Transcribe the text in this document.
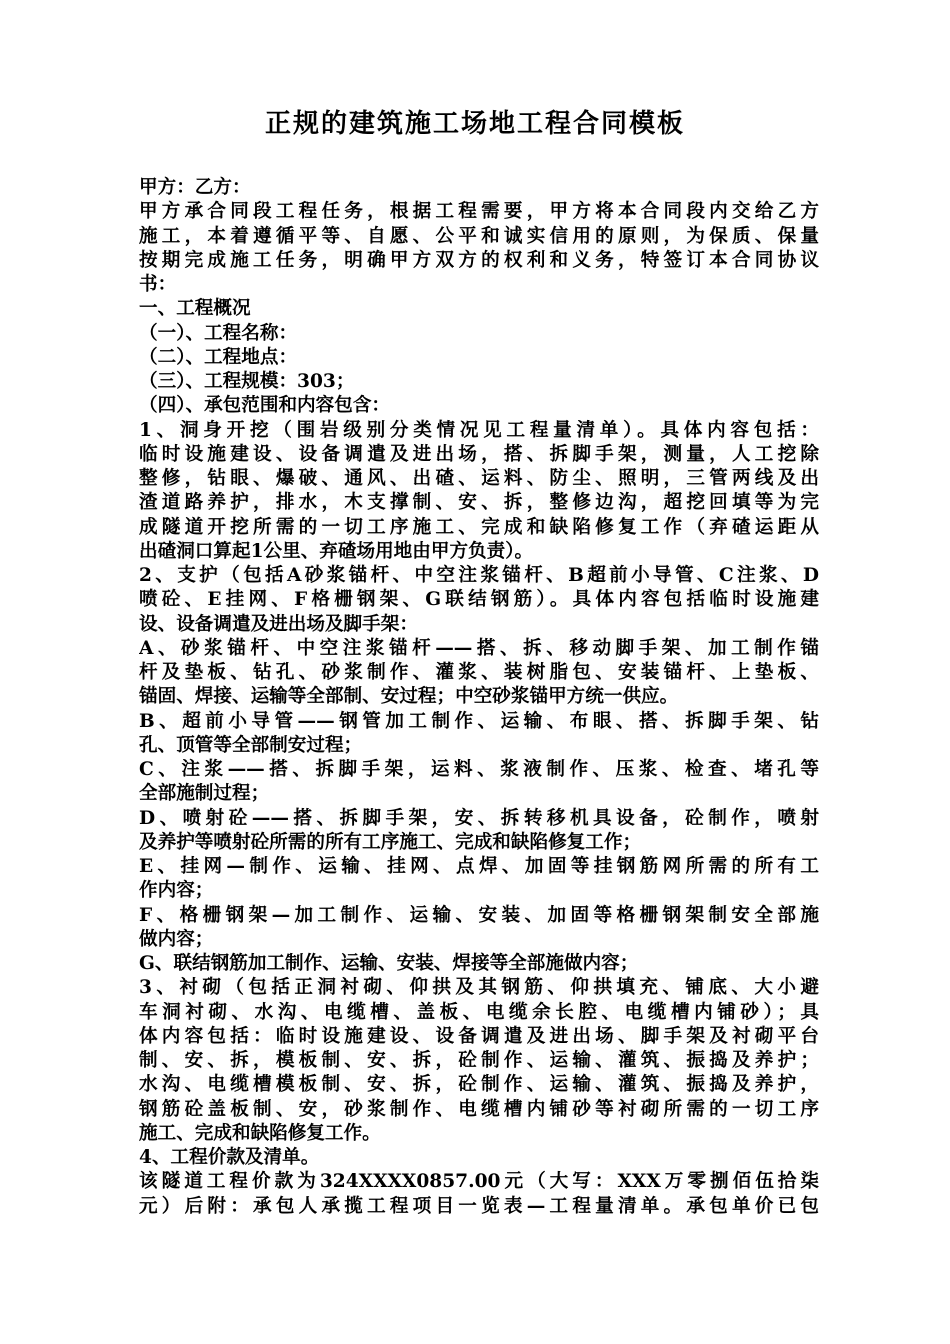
正规的建筑施工场地工程合同模板
甲方：乙方：
甲方承合同段工程任务，根据工程需要，甲方将本合同段内交给乙方
施工，本着遵循平等、自愿、公平和诚实信用的原则，为保质、保量
按期完成施工任务，明确甲方双方的权利和义务，特签订本合同协议
书：
一、工程概况
（一）、工程名称：
（二）、工程地点：
（三）、工程规模：303；
（四）、承包范围和内容包含：
1、洞身开挖（围岩级别分类情况见工程量清单）。具体内容包括：
临时设施建设、设备调遣及进出场，搭、拆脚手架，测量，人工挖除
整修，钻眼、爆破、通风、出碴、运料、防尘、照明，三管两线及出
渣道路养护，排水，木支撑制、安、拆，整修边沟，超挖回填等为完
成隧道开挖所需的一切工序施工、完成和缺陷修复工作（弃碴运距从
出碴洞口算起1公里、弃碴场用地由甲方负责）。
2、支护（包括A砂浆锚杆、中空注浆锚杆、B超前小导管、C注浆、D
喷砼、E挂网、F格栅钢架、G联结钢筋）。具体内容包括临时设施建
设、设备调遣及进出场及脚手架：
A、砂浆锚杆、中空注浆锚杆——搭、拆、移动脚手架、加工制作锚
杆及垫板、钻孔、砂浆制作、灌浆、装树脂包、安装锚杆、上垫板、
锚固、焊接、运输等全部制、安过程；中空砂浆锚甲方统一供应。
B、超前小导管——钢管加工制作、运输、布眼、搭、拆脚手架、钻
孔、顶管等全部制安过程；
C、注浆——搭、拆脚手架，运料、浆液制作、压浆、检查、堵孔等
全部施制过程；
D、喷射砼——搭、拆脚手架，安、拆转移机具设备，砼制作，喷射
及养护等喷射砼所需的所有工序施工、完成和缺陷修复工作；
E、挂网—制作、运输、挂网、点焊、加固等挂钢筋网所需的所有工
作内容；
F、格栅钢架—加工制作、运输、安装、加固等格栅钢架制安全部施
做内容；
G、联结钢筋加工制作、运输、安装、焊接等全部施做内容；
3、衬砌（包括正洞衬砌、仰拱及其钢筋、仰拱填充、铺底、大小避
车洞衬砌、水沟、电缆槽、盖板、电缆余长腔、电缆槽内铺砂）；具
体内容包括：临时设施建设、设备调遣及进出场、脚手架及衬砌平台
制、安、拆，模板制、安、拆，砼制作、运输、灌筑、振捣及养护；
水沟、电缆槽模板制、安、拆，砼制作、运输、灌筑、振捣及养护，
钢筋砼盖板制、安，砂浆制作、电缆槽内铺砂等衬砌所需的一切工序
施工、完成和缺陷修复工作。
4、工程价款及清单。
该隧道工程价款为324XXXX0857.00元（大写：XXX万零捌佰伍拾柒
元）后附：承包人承揽工程项目一览表—工程量清单。承包单价已包
